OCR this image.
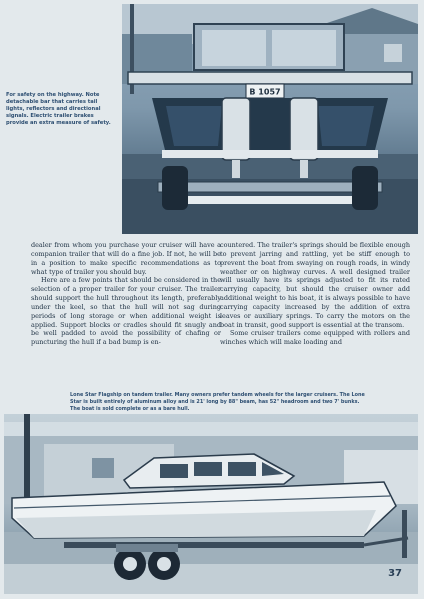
B 1057
For safety on the highway. Note detachable bar that carries tail lights, reflectors and directional signals. Electric trailer brakes provide an extra measure of safety.

dealer from whom you purchase your cruiser will have a companion trailer that will do a fine job. If not, he will be in a position to make specific recommendations as to what type of trailer you should buy.

Here are a few points that should be considered in the selection of a proper trailer for your cruiser. The trailer should support the hull throughout its length, preferably under the keel, so that the hull will not sag during periods of long storage or when additional weight is applied. Support blocks or cradles should fit snugly and be well padded to avoid the possibility of chafing or puncturing the hull if a bad bump is en-

countered. The trailer's springs should be flexible enough to prevent jarring and rattling, yet be stiff enough to prevent the boat from swaying on rough roads, in windy weather or on highway curves. A well designed trailer will usually have its springs adjusted to fit its rated carrying capacity, but should the cruiser owner add additional weight to his boat, it is always possible to have carrying capacity increased by the addition of extra leaves or auxiliary springs. To carry the motors on the boat in transit, good support is essential at the transom.

Some cruiser trailers come equipped with rollers and winches which will make loading and

Lone Star Flagship on tandem trailer. Many owners prefer tandem wheels for the larger cruisers. The Lone Star is built entirely of aluminum alloy and is 21' long by 88" beam, has 52" headroom and two 7' bunks. The boat is sold complete or as a bare hull.
37
